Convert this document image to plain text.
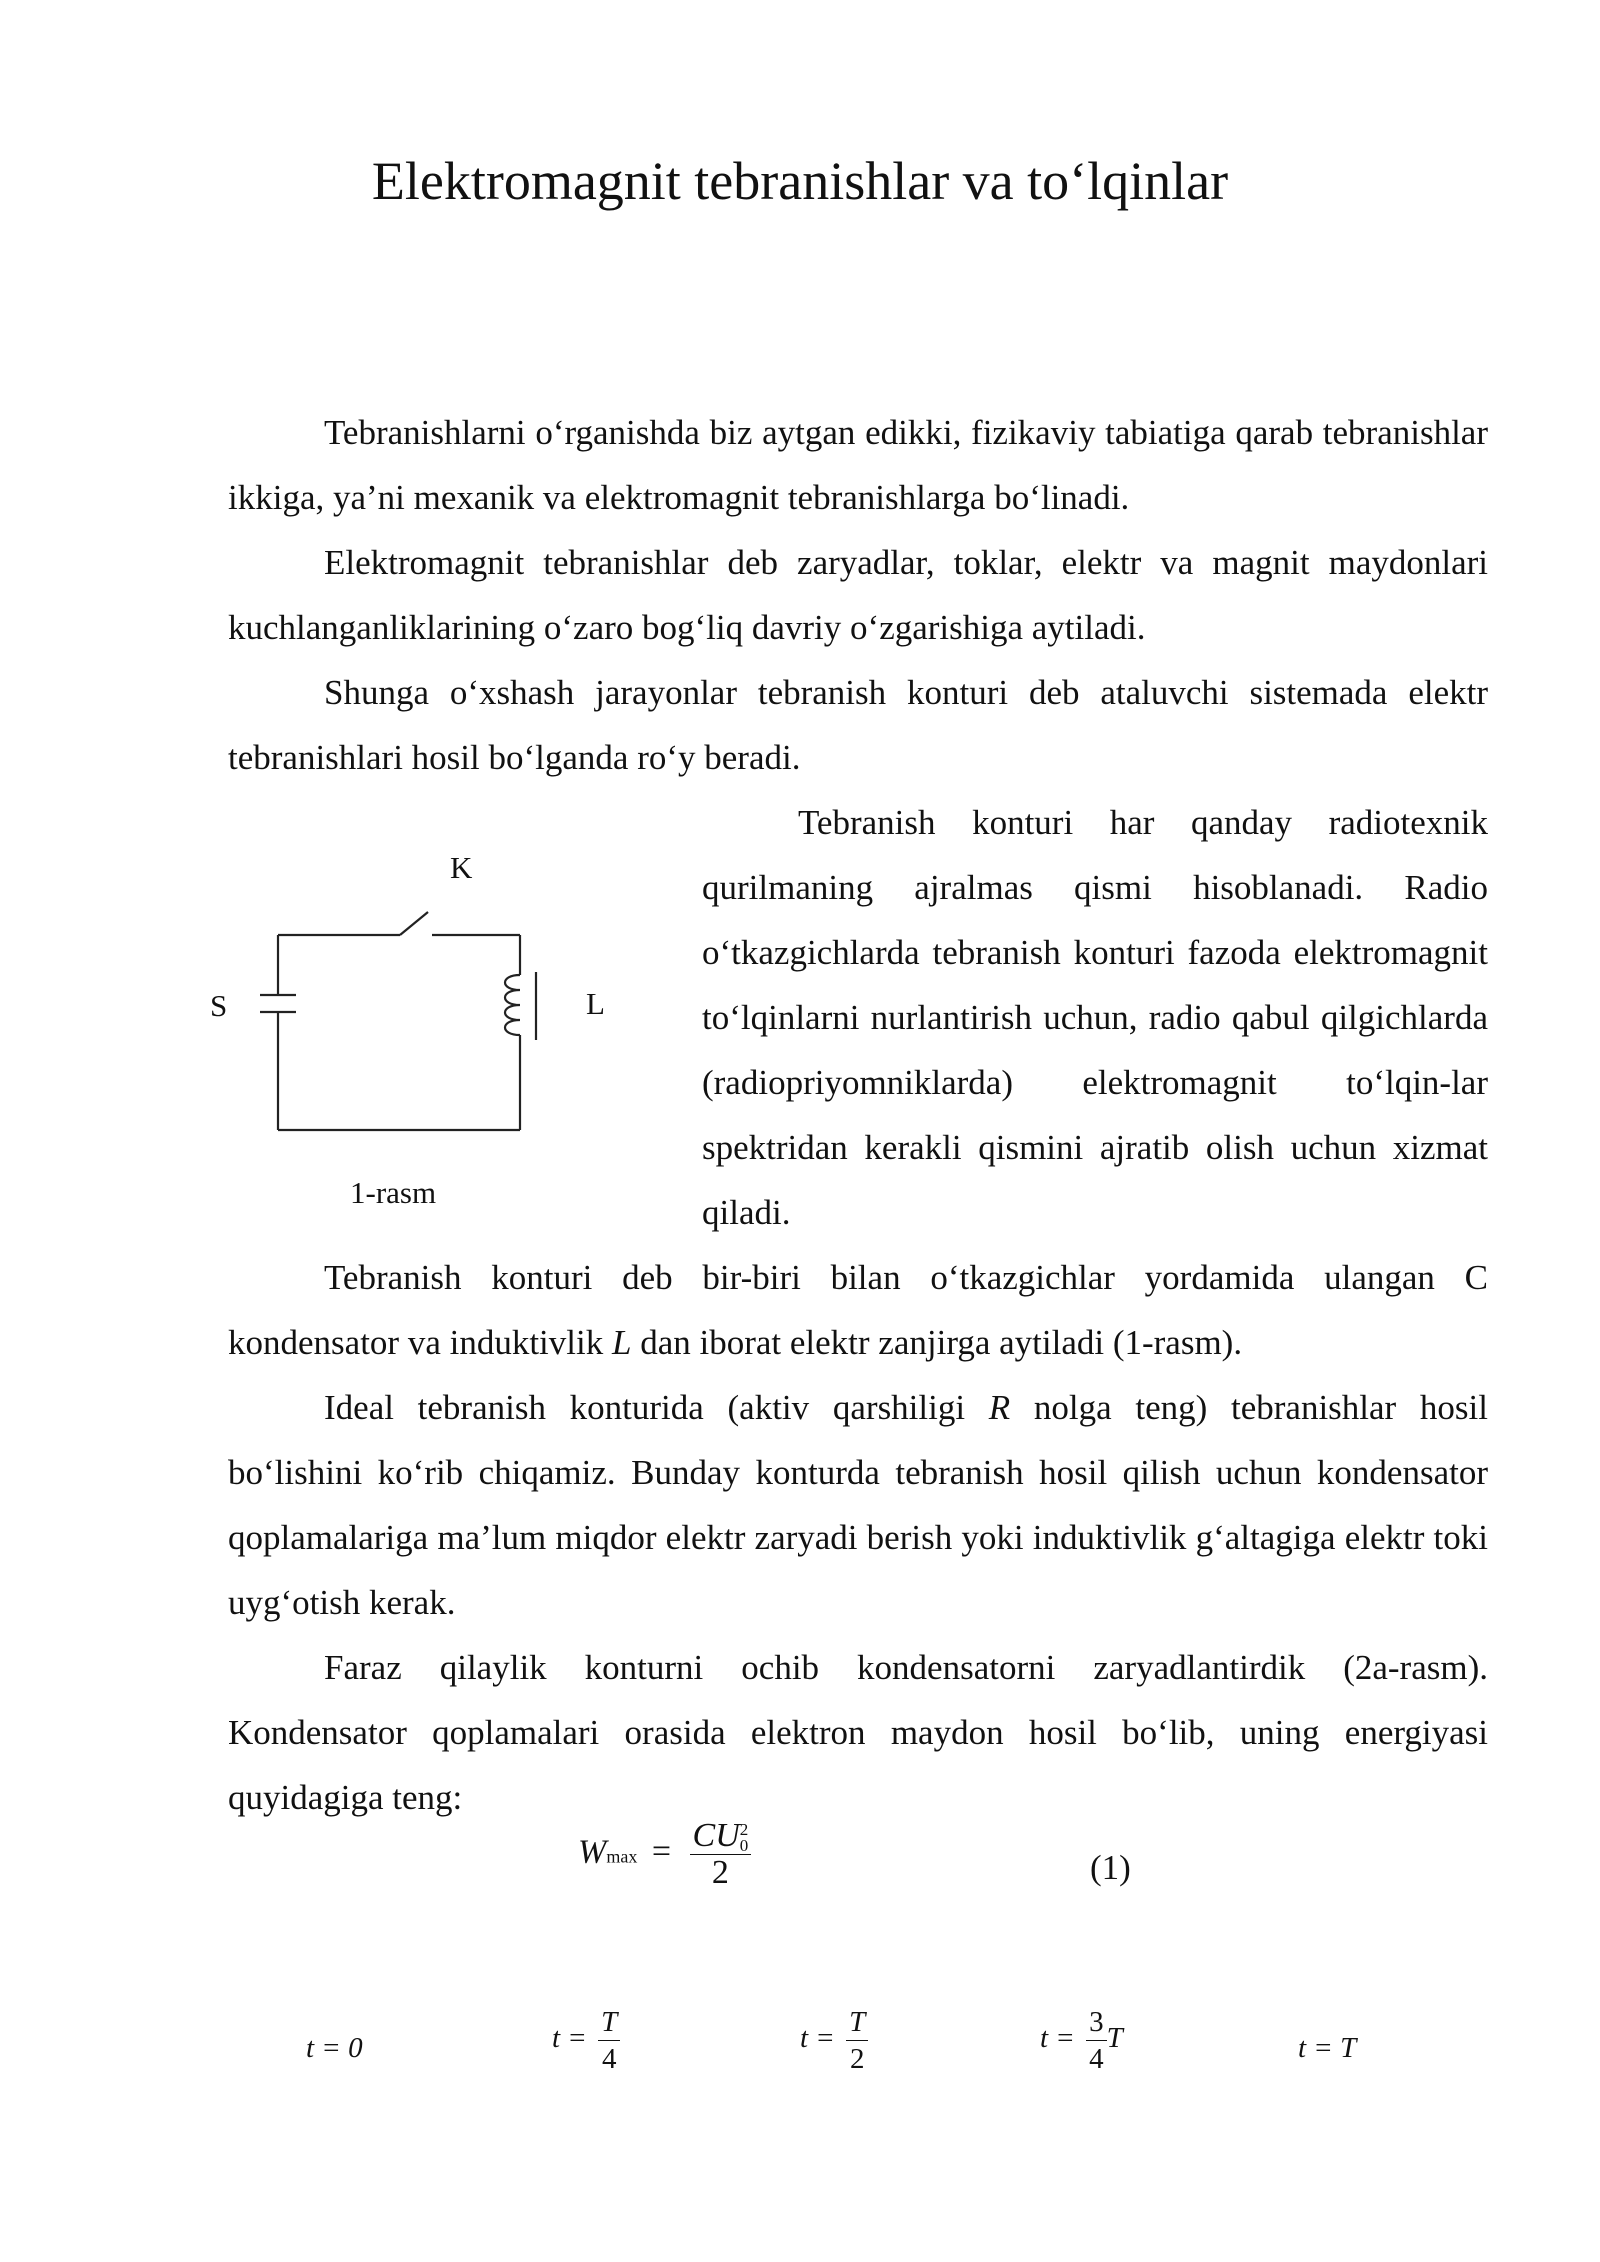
Elektromagnit tebranishlar va to‘lqinlar

Tebranishlarni o‘rganishda biz aytgan edikki, fizikaviy tabiatiga qarab tebranishlar ikkiga, ya’ni mexanik va elektromagnit tebranishlarga bo‘linadi.

Elektromagnit tebranishlar deb zaryadlar, toklar, elektr va magnit maydonlari kuchlanganliklarining o‘zaro bog‘liq davriy o‘zgarishiga aytiladi.

Shunga o‘xshash jarayonlar tebranish konturi deb ataluvchi sistemada elektr tebranishlari hosil bo‘lganda ro‘y beradi.

K
S	L
1-rasm

Tebranish konturi har qanday radiotexnik qurilmaning ajralmas qismi hisoblanadi. Radio o‘tkazgichlarda tebranish konturi fazoda elektromagnit to‘lqinlarni nurlantirish uchun, radio qabul qilgichlarda (radiopriyomniklarda) elektromagnit to‘lqin-lar spektridan kerakli qismini ajratib olish uchun xizmat qiladi.

Tebranish konturi deb bir-biri bilan o‘tkazgichlar yordamida ulangan C kondensator va induktivlik L dan iborat elektr zanjirga aytiladi (1-rasm).

Ideal tebranish konturida (aktiv qarshiligi R nolga teng) tebranishlar hosil bo‘lishini ko‘rib chiqamiz. Bunday konturda tebranish hosil qilish uchun kondensator qoplamalariga ma’lum miqdor elektr zaryadi berish yoki induktivlik g‘altagiga elektr toki uyg‘otish kerak.

Faraz qilaylik konturni ochib kondensatorni zaryadlantirdik (2a-rasm). Kondensator qoplamalari orasida elektron maydon hosil bo‘lib, uning energiyasi quyidagiga teng:

Wmax = CU 2
0
2	(1)
t = 0	$t = \frac{T}{4}$	$t = \frac{T}{2}$	$t = \frac{3}{4}$ T	t = T
